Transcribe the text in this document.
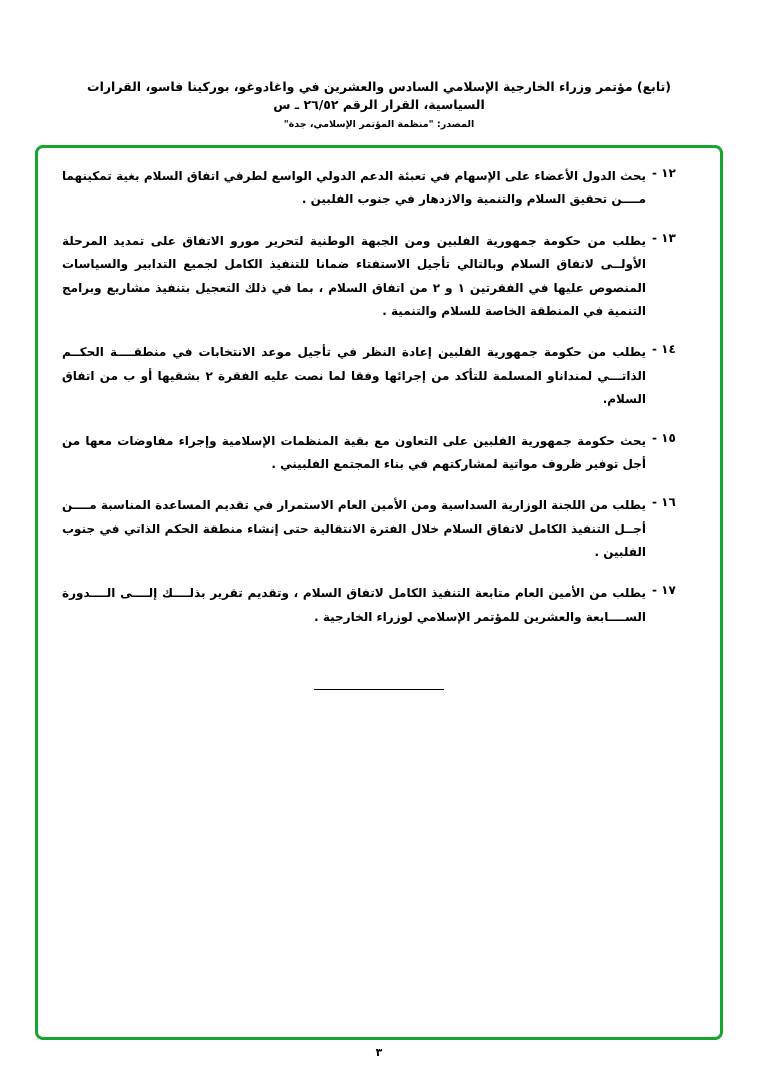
(تابع) مؤتمر وزراء الخارجية الإسلامي السادس والعشرين في واغادوغو، بوركينا فاسو، القرارات السياسية، القرار الرقم ٢٦/٥٢ ـ س
المصدر: "منظمة المؤتمر الإسلامي، جدة"
١٢ -
يحث الدول الأعضاء على الإسهام في تعبئة الدعم الدولي الواسع لطرفي اتفاق السلام بغية تمكينهما مــــن تحقيق السلام والتنمية والازدهار في جنوب الفلبين .
١٣ -
يطلب من حكومة جمهورية الفلبين ومن الجبهة الوطنية لتحرير مورو الاتفاق على تمديد المرحلة الأولــى لاتفاق السلام وبالتالي تأجيل الاستفتاء ضمانا للتنفيذ الكامل لجميع التدابير والسياسات المنصوص عليها في الفقرتين ١ و ٢ من اتفاق السلام ، بما في ذلك التعجيل بتنفيذ مشاريع وبرامج التنمية في المنطقة الخاصة للسلام والتنمية .
١٤ -
يطلب من حكومة جمهورية الفلبين إعادة النظر في تأجيل موعد الانتخابات في منطقــــة الحكــم الذاتـــي لمنداناو المسلمة للتأكد من إجرائها وفقا لما نصت عليه الفقرة ٢ بشقيها أو ب من اتفاق السلام.
١٥ -
يحث حكومة جمهورية الفلبين على التعاون مع بقية المنظمات الإسلامية وإجراء مفاوضات معها من أجل توفير ظروف مواتية لمشاركتهم في بناء المجتمع الفلبيني .
١٦ -
يطلب من اللجنة الوزارية السداسية ومن الأمين العام الاستمرار في تقديم المساعدة المناسبة مــــن أجــل التنفيذ الكامل لاتفاق السلام خلال الفترة الانتقالية حتى إنشاء منطقة الحكم الذاتي في جنوب الفلبين .
١٧ -
يطلب من الأمين العام متابعة التنفيذ الكامل لاتفاق السلام ، وتقديم تقرير بذلــــك إلــــى الــــدورة الســــابعة والعشرين للمؤتمر الإسلامي لوزراء الخارجية .
٣
